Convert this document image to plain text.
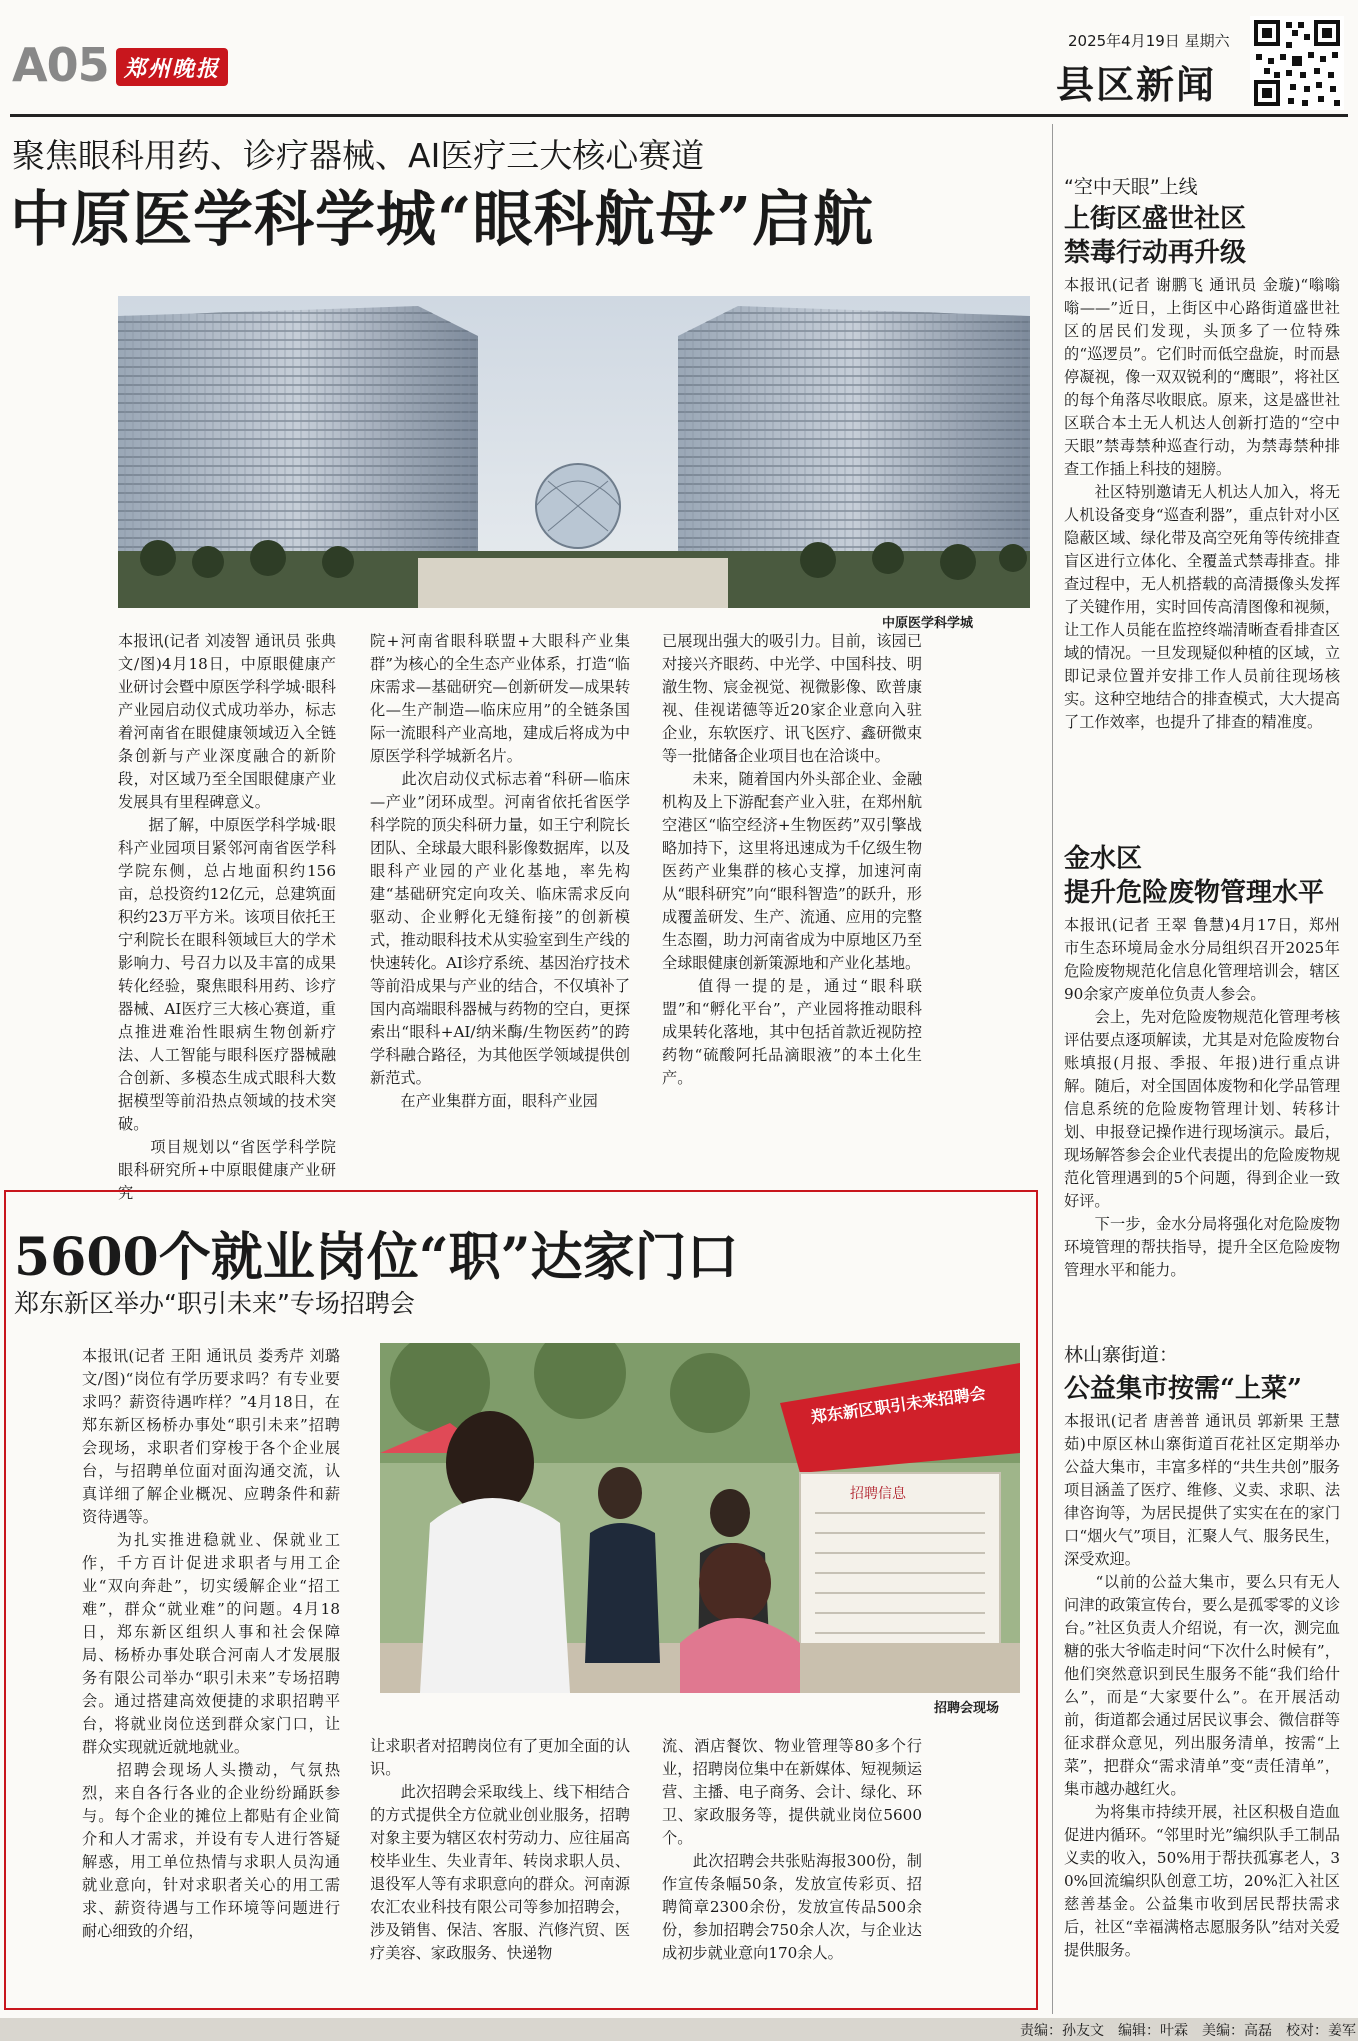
A05 郑州晚报
2025年4月19日 星期六
县区新闻
聚焦眼科用药、诊疗器械、AI医疗三大核心赛道
中原医学科学城“眼科航母”启航
中原医学科学城
本报讯(记者 刘凌智 通讯员 张典 文/图)4月18日，中原眼健康产业研讨会暨中原医学科学城·眼科产业园启动仪式成功举办，标志着河南省在眼健康领域迈入全链条创新与产业深度融合的新阶段，对区域乃至全国眼健康产业发展具有里程碑意义。
　　据了解，中原医学科学城·眼科产业园项目紧邻河南省医学科学院东侧，总占地面积约156亩，总投资约12亿元，总建筑面积约23万平方米。该项目依托王宁利院长在眼科领域巨大的学术影响力、号召力以及丰富的成果转化经验，聚焦眼科用药、诊疗器械、AI医疗三大核心赛道，重点推进难治性眼病生物创新疗法、人工智能与眼科医疗器械融合创新、多模态生成式眼科大数据模型等前沿热点领域的技术突破。
　　项目规划以“省医学科学院眼科研究所+中原眼健康产业研究
院+河南省眼科联盟+大眼科产业集群”为核心的全生态产业体系，打造“临床需求—基础研究—创新研发—成果转化—生产制造—临床应用”的全链条国际一流眼科产业高地，建成后将成为中原医学科学城新名片。
　　此次启动仪式标志着“科研—临床—产业”闭环成型。河南省依托省医学科学院的顶尖科研力量，如王宁利院长团队、全球最大眼科影像数据库，以及眼科产业园的产业化基地，率先构建“基础研究定向攻关、临床需求反向驱动、企业孵化无缝衔接”的创新模式，推动眼科技术从实验室到生产线的快速转化。AI诊疗系统、基因治疗技术等前沿成果与产业的结合，不仅填补了国内高端眼科器械与药物的空白，更探索出“眼科+AI/纳米酶/生物医药”的跨学科融合路径，为其他医学领域提供创新范式。
　　在产业集群方面，眼科产业园
已展现出强大的吸引力。目前，该园已对接兴齐眼药、中光学、中国科技、明澈生物、宸金视觉、视微影像、欧普康视、佳视诺德等近20家企业意向入驻企业，东软医疗、讯飞医疗、鑫研微束等一批储备企业项目也在洽谈中。
　　未来，随着国内外头部企业、金融机构及上下游配套产业入驻，在郑州航空港区“临空经济+生物医药”双引擎战略加持下，这里将迅速成为千亿级生物医药产业集群的核心支撑，加速河南从“眼科研究”向“眼科智造”的跃升，形成覆盖研发、生产、流通、应用的完整生态圈，助力河南省成为中原地区乃至全球眼健康创新策源地和产业化基地。
　　值得一提的是，通过“眼科联盟”和“孵化平台”，产业园将推动眼科成果转化落地，其中包括首款近视防控药物“硫酸阿托品滴眼液”的本土化生产。
5600个就业岗位“职”达家门口
郑东新区举办“职引未来”专场招聘会
郑东新区职引未来招聘会
招聘信息
招聘会现场
本报讯(记者 王阳 通讯员 娄秀芹 刘璐 文/图)“岗位有学历要求吗？有专业要求吗？薪资待遇咋样？”4月18日，在郑东新区杨桥办事处“职引未来”招聘会现场，求职者们穿梭于各个企业展台，与招聘单位面对面沟通交流，认真详细了解企业概况、应聘条件和薪资待遇等。
　　为扎实推进稳就业、保就业工作，千方百计促进求职者与用工企业“双向奔赴”，切实缓解企业“招工难”，群众“就业难”的问题。4月18日，郑东新区组织人事和社会保障局、杨桥办事处联合河南人才发展服务有限公司举办“职引未来”专场招聘会。通过搭建高效便捷的求职招聘平台，将就业岗位送到群众家门口，让群众实现就近就地就业。
　　招聘会现场人头攒动，气氛热烈，来自各行各业的企业纷纷踊跃参与。每个企业的摊位上都贴有企业简介和人才需求，并设有专人进行答疑解惑，用工单位热情与求职人员沟通就业意向，针对求职者关心的用工需求、薪资待遇与工作环境等问题进行耐心细致的介绍，
让求职者对招聘岗位有了更加全面的认识。
　　此次招聘会采取线上、线下相结合的方式提供全方位就业创业服务，招聘对象主要为辖区农村劳动力、应往届高校毕业生、失业青年、转岗求职人员、退役军人等有求职意向的群众。河南源农汇农业科技有限公司等参加招聘会，涉及销售、保洁、客服、汽修汽贸、医疗美容、家政服务、快递物
流、酒店餐饮、物业管理等80多个行业，招聘岗位集中在新媒体、短视频运营、主播、电子商务、会计、绿化、环卫、家政服务等，提供就业岗位5600个。
　　此次招聘会共张贴海报300份，制作宣传条幅50条，发放宣传彩页、招聘简章2300余份，发放宣传品500余份，参加招聘会750余人次，与企业达成初步就业意向170余人。
“空中天眼”上线
上街区盛世社区
禁毒行动再升级
本报讯(记者 谢鹏飞 通讯员 金璇)“嗡嗡嗡——”近日，上街区中心路街道盛世社区的居民们发现，头顶多了一位特殊的“巡逻员”。它们时而低空盘旋，时而悬停凝视，像一双双锐利的“鹰眼”，将社区的每个角落尽收眼底。原来，这是盛世社区联合本土无人机达人创新打造的“空中天眼”禁毒禁种巡查行动，为禁毒禁种排查工作插上科技的翅膀。
　　社区特别邀请无人机达人加入，将无人机设备变身“巡查利器”，重点针对小区隐蔽区域、绿化带及高空死角等传统排查盲区进行立体化、全覆盖式禁毒排查。排查过程中，无人机搭载的高清摄像头发挥了关键作用，实时回传高清图像和视频，让工作人员能在监控终端清晰查看排查区域的情况。一旦发现疑似种植的区域，立即记录位置并安排工作人员前往现场核实。这种空地结合的排查模式，大大提高了工作效率，也提升了排查的精准度。
金水区
提升危险废物管理水平
本报讯(记者 王翠 鲁慧)4月17日，郑州市生态环境局金水分局组织召开2025年危险废物规范化信息化管理培训会，辖区90余家产废单位负责人参会。
　　会上，先对危险废物规范化管理考核评估要点逐项解读，尤其是对危险废物台账填报(月报、季报、年报)进行重点讲解。随后，对全国固体废物和化学品管理信息系统的危险废物管理计划、转移计划、申报登记操作进行现场演示。最后，现场解答参会企业代表提出的危险废物规范化管理遇到的5个问题，得到企业一致好评。
　　下一步，金水分局将强化对危险废物环境管理的帮扶指导，提升全区危险废物管理水平和能力。
林山寨街道：
公益集市按需“上菜”
本报讯(记者 唐善普 通讯员 郭新果 王慧茹)中原区林山寨街道百花社区定期举办公益大集市，丰富多样的“共生共创”服务项目涵盖了医疗、维修、义卖、求职、法律咨询等，为居民提供了实实在在的家门口“烟火气”项目，汇聚人气、服务民生，深受欢迎。
　　“以前的公益大集市，要么只有无人问津的政策宣传台，要么是孤零零的义诊台。”社区负责人介绍说，有一次，测完血糖的张大爷临走时问“下次什么时候有”，他们突然意识到民生服务不能“我们给什么”，而是“大家要什么”。在开展活动前，街道都会通过居民议事会、微信群等征求群众意见，列出服务清单，按需“上菜”，把群众“需求清单”变“责任清单”，集市越办越红火。
　　为将集市持续开展，社区积极自造血促进内循环。“邻里时光”编织队手工制品义卖的收入，50%用于帮扶孤寡老人，30%回流编织队创意工坊，20%汇入社区慈善基金。公益集市收到居民帮扶需求后，社区“幸福满格志愿服务队”结对关爱提供服务。
责编：孙友文　编辑：叶霖　美编：高磊　校对：姜军
